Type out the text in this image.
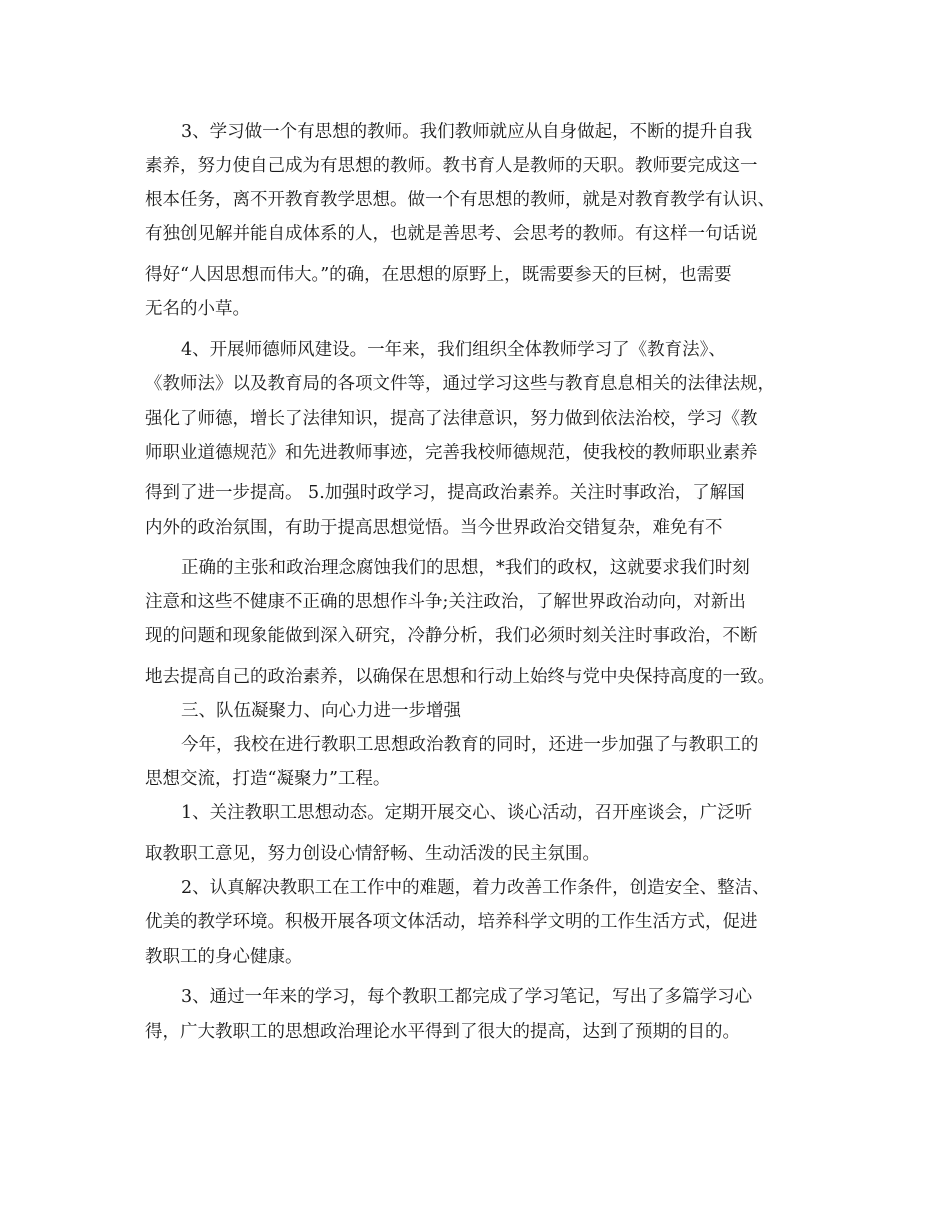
3、学习做一个有思想的教师。我们教师就应从自身做起，不断的提升自我
素养，努力使自己成为有思想的教师。教书育人是教师的天职。教师要完成这一
根本任务，离不开教育教学思想。做一个有思想的教师，就是对教育教学有认识、
有独创见解并能自成体系的人，也就是善思考、会思考的教师。有这样一句话说
得好“人因思想而伟大。”的确，在思想的原野上，既需要参天的巨树，也需要
无名的小草。
4、开展师德师风建设。一年来，我们组织全体教师学习了《教育法》、
《教师法》以及教育局的各项文件等，通过学习这些与教育息息相关的法律法规，
强化了师德，增长了法律知识，提高了法律意识，努力做到依法治校，学习《教
师职业道德规范》和先进教师事迹，完善我校师德规范，使我校的教师职业素养
得到了进一步提高。 5.加强时政学习，提高政治素养。关注时事政治，了解国
内外的政治氛围，有助于提高思想觉悟。当今世界政治交错复杂，难免有不
正确的主张和政治理念腐蚀我们的思想，*我们的政权，这就要求我们时刻
注意和这些不健康不正确的思想作斗争;关注政治，了解世界政治动向，对新出
现的问题和现象能做到深入研究，冷静分析，我们必须时刻关注时事政治，不断
地去提高自己的政治素养，以确保在思想和行动上始终与党中央保持高度的一致。
三、队伍凝聚力、向心力进一步增强
今年，我校在进行教职工思想政治教育的同时，还进一步加强了与教职工的
思想交流，打造“凝聚力”工程。
1、关注教职工思想动态。定期开展交心、谈心活动，召开座谈会，广泛听
取教职工意见，努力创设心情舒畅、生动活泼的民主氛围。
2、认真解决教职工在工作中的难题，着力改善工作条件，创造安全、整洁、
优美的教学环境。积极开展各项文体活动，培养科学文明的工作生活方式，促进
教职工的身心健康。
3、通过一年来的学习，每个教职工都完成了学习笔记，写出了多篇学习心
得，广大教职工的思想政治理论水平得到了很大的提高，达到了预期的目的。
